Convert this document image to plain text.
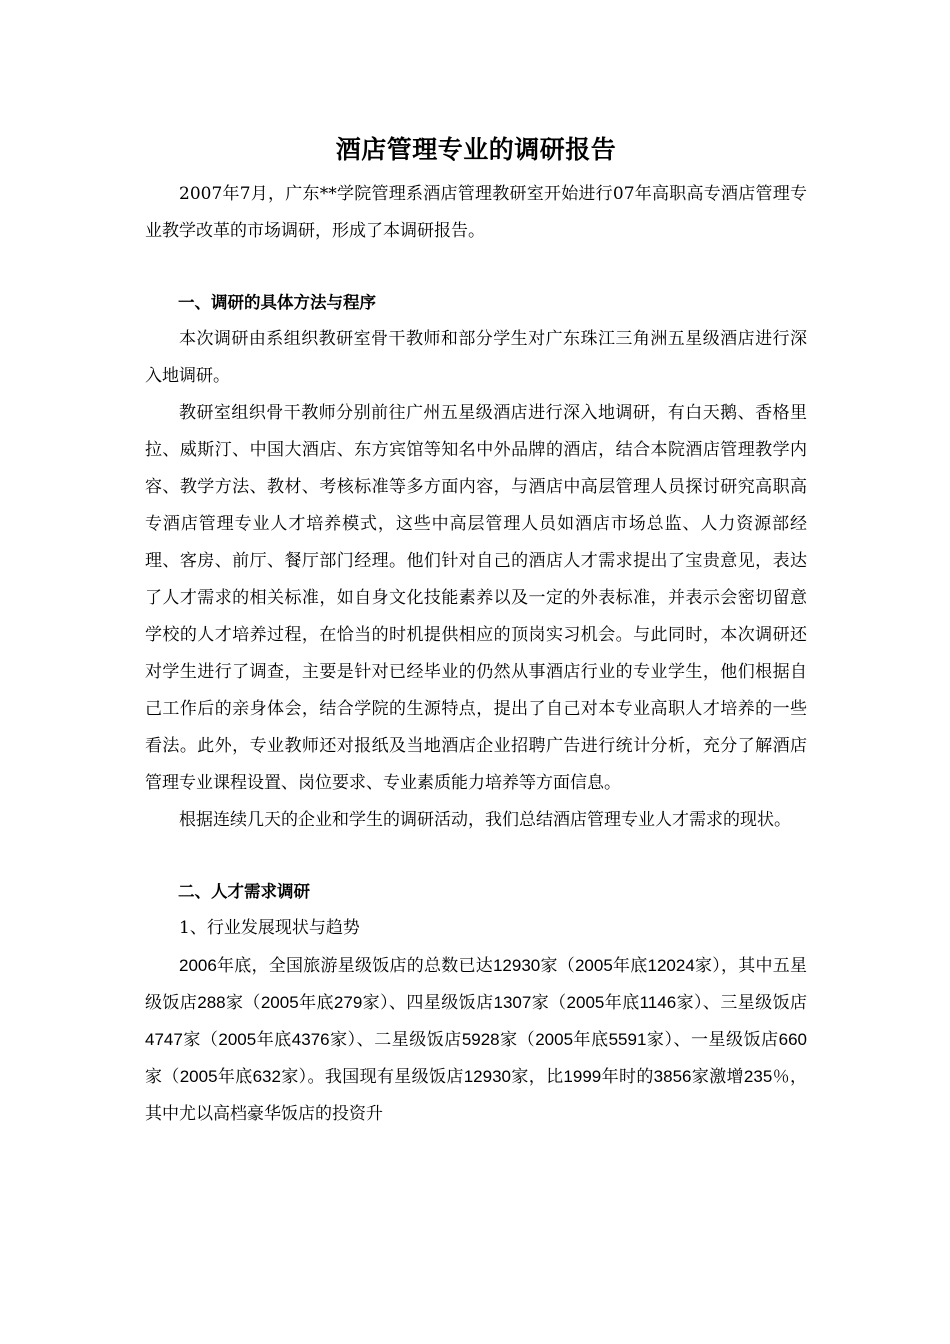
酒店管理专业的调研报告

2007年7月，广东**学院管理系酒店管理教研室开始进行07年高职高专酒店管理专业教学改革的市场调研，形成了本调研报告。

一、调研的具体方法与程序

本次调研由系组织教研室骨干教师和部分学生对广东珠江三角洲五星级酒店进行深入地调研。

教研室组织骨干教师分别前往广州五星级酒店进行深入地调研，有白天鹅、香格里拉、威斯汀、中国大酒店、东方宾馆等知名中外品牌的酒店，结合本院酒店管理教学内容、教学方法、教材、考核标准等多方面内容，与酒店中高层管理人员探讨研究高职高专酒店管理专业人才培养模式，这些中高层管理人员如酒店市场总监、人力资源部经理、客房、前厅、餐厅部门经理。他们针对自己的酒店人才需求提出了宝贵意见，表达了人才需求的相关标准，如自身文化技能素养以及一定的外表标准，并表示会密切留意学校的人才培养过程，在恰当的时机提供相应的顶岗实习机会。与此同时，本次调研还对学生进行了调查，主要是针对已经毕业的仍然从事酒店行业的专业学生，他们根据自己工作后的亲身体会，结合学院的生源特点，提出了自己对本专业高职人才培养的一些看法。此外，专业教师还对报纸及当地酒店企业招聘广告进行统计分析，充分了解酒店管理专业课程设置、岗位要求、专业素质能力培养等方面信息。

根据连续几天的企业和学生的调研活动，我们总结酒店管理专业人才需求的现状。

二、人才需求调研

1、行业发展现状与趋势

2006年底，全国旅游星级饭店的总数已达12930家（2005年底12024家），其中五星级饭店288家（2005年底279家）、四星级饭店1307家（2005年底1146家）、三星级饭店4747家（2005年底4376家）、二星级饭店5928家（2005年底5591家）、一星级饭店660家（2005年底632家）。我国现有星级饭店12930家，比1999年时的3856家激增235％，其中尤以高档豪华饭店的投资升
